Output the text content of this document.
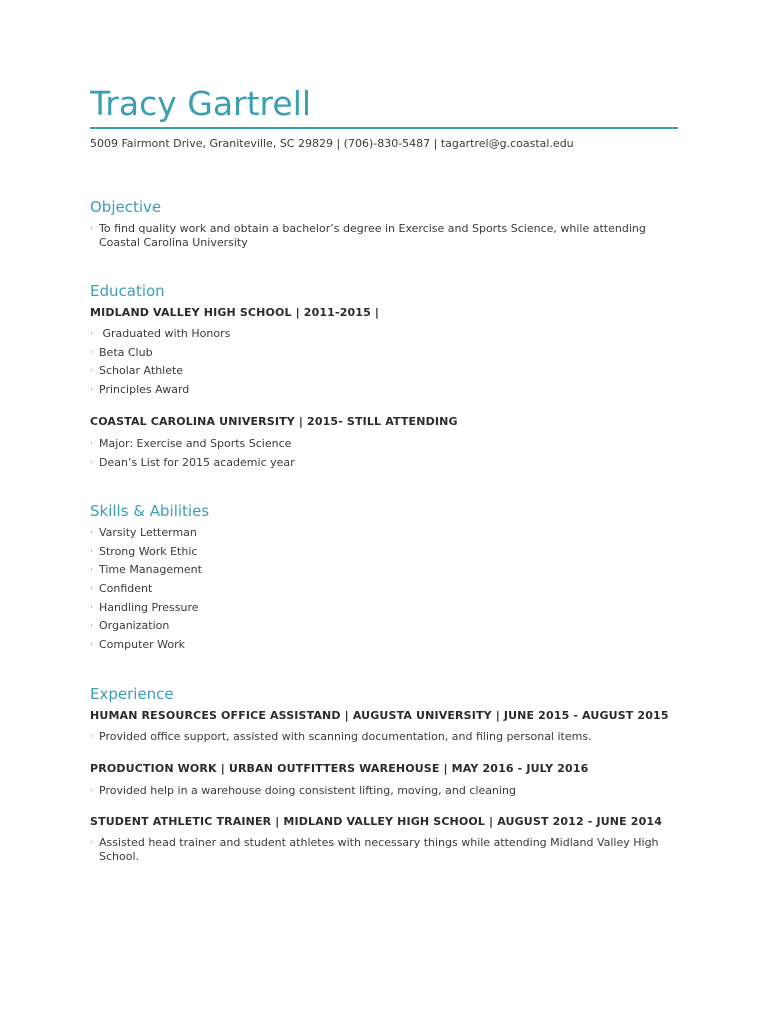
Tracy Gartrell
5009 Fairmont Drive, Graniteville, SC 29829 | (706)-830-5487 | tagartrel@g.coastal.edu
Objective
· To find quality work and obtain a bachelor’s degree in Exercise and Sports Science, while attending Coastal Carolina University
Education
MIDLAND VALLEY HIGH SCHOOL | 2011-2015 |
· Graduated with Honors
· Beta Club
· Scholar Athlete
· Principles Award
COASTAL CAROLINA UNIVERSITY | 2015- STILL ATTENDING
· Major: Exercise and Sports Science
· Dean’s List for 2015 academic year
Skills & Abilities
· Varsity Letterman
· Strong Work Ethic
· Time Management
· Confident
· Handling Pressure
· Organization
· Computer Work
Experience
HUMAN RESOURCES OFFICE ASSISTAND | AUGUSTA UNIVERSITY | JUNE 2015 - AUGUST 2015
· Provided office support, assisted with scanning documentation, and filing personal items.
PRODUCTION WORK | URBAN OUTFITTERS WAREHOUSE | MAY 2016 - JULY 2016
· Provided help in a warehouse doing consistent lifting, moving, and cleaning
STUDENT ATHLETIC TRAINER | MIDLAND VALLEY HIGH SCHOOL | AUGUST 2012 - JUNE 2014
· Assisted head trainer and student athletes with necessary things while attending Midland Valley High School.
